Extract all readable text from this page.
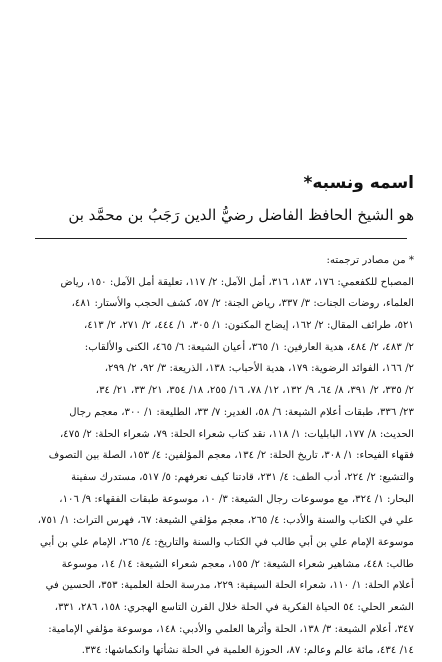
اسمه ونسبه*
هو الشيخ الحافظ الفاضل رضيُّ الدين رَجَبُ بن محمَّد بن
* من مصادر ترجمته:
المصباح للكفعمي: ١٧٦، ١٨٣، ٣١٦، أمل الآمل: ٢/ ١١٧، تعليقة أمل الآمل: ١٥٠، رياض
العلماء، روضات الجنات: ٣/ ٣٣٧، رياض الجنة: ٢/ ٥٧، كشف الحجب والأستار: ٤٨١،
٥٢١، طرائف المقال: ٢/ ١٦٢، إيضاح المكنون: ١/ ٣٠٥، ١/ ٤٤٤، ٢/ ٢٧١، ٢/ ٤١٣،
٢/ ٤٨٣، ٢/ ٤٨٤، هدية العارفين: ١/ ٣٦٥، أعيان الشيعة: ٦/ ٤٦٥، الكنى والألقاب:
٢/ ١٦٦، الفوائد الرضوية: ١٧٩، هدية الأحباب: ١٣٨، الذريعة: ٣/ ٩٢، ٢/ ٢٩٩،
٢/ ٣٣٥، ٢/ ٣٩١، ٨/ ٦٤، ٩/ ١٣٢، ١٢/ ٧٨، ١٦/ ٢٥٥، ١٨/ ٣٥٤، ٢١/ ٣٣، ٢١/ ٣٤،
٢٣/ ٣٣٦، طبقات أعلام الشيعة: ٦/ ٥٨، الغدير: ٧/ ٣٣، الطليعة: ١/ ٣٠٠، معجم رجال
الحديث: ٨/ ١٧٧، البابليات: ١/ ١١٨، نقد كتاب شعراء الحلة: ٧٩، شعراء الحلة: ٢/ ٤٧٥،
فقهاء الفيحاء: ١/ ٣٠٨، تاريخ الحلة: ٢/ ١٣٤، معجم المؤلفين: ٤/ ١٥٣، الصلة بين التصوف
والتشيع: ٢/ ٢٢٤، أدب الطف: ٤/ ٢٣١، قادتنا كيف نعرفهم: ٥/ ٥١٧، مستدرك سفينة
البحار: ١/ ٣٢٤، مع موسوعات رجال الشيعة: ٣/ ١٠، موسوعة طبقات الفقهاء: ٩/ ١٠٦،
علي في الكتاب والسنة والأدب: ٤/ ٢٦٥، معجم مؤلفي الشيعة: ٦٧، فهرس التراث: ١/ ٧٥١،
موسوعة الإمام علي بن أبي طالب في الكتاب والسنة والتاريخ: ٤/ ٢٦٥، الإمام علي بن أبي
طالب: ٤٤٨، مشاهير شعراء الشيعة: ٢/ ١٥٥، معجم شعراء الشيعة: ١٤/ ١٤، موسوعة
أعلام الحلة: ١/ ١١٠، شعراء الحلة السيفية: ٢٢٩، مدرسة الحلة العلمية: ٣٥٣، الحسين في
الشعر الحلي: ٥٤ الحياة الفكرية في الحلة خلال القرن التاسع الهجري: ١٥٨، ٢٨٦، ٣٣١،
٣٤٧، أعلام الشيعة: ٣/ ١٣٨، الحلة وأثرها العلمي والأدبي: ١٤٨، موسوعة مؤلفي الإمامية:
١٤/ ٤٣٤، مائة عالم وعالم: ٨٧، الحوزة العلمية في الحلة نشأتها وانكماشها: ٣٣٤.
